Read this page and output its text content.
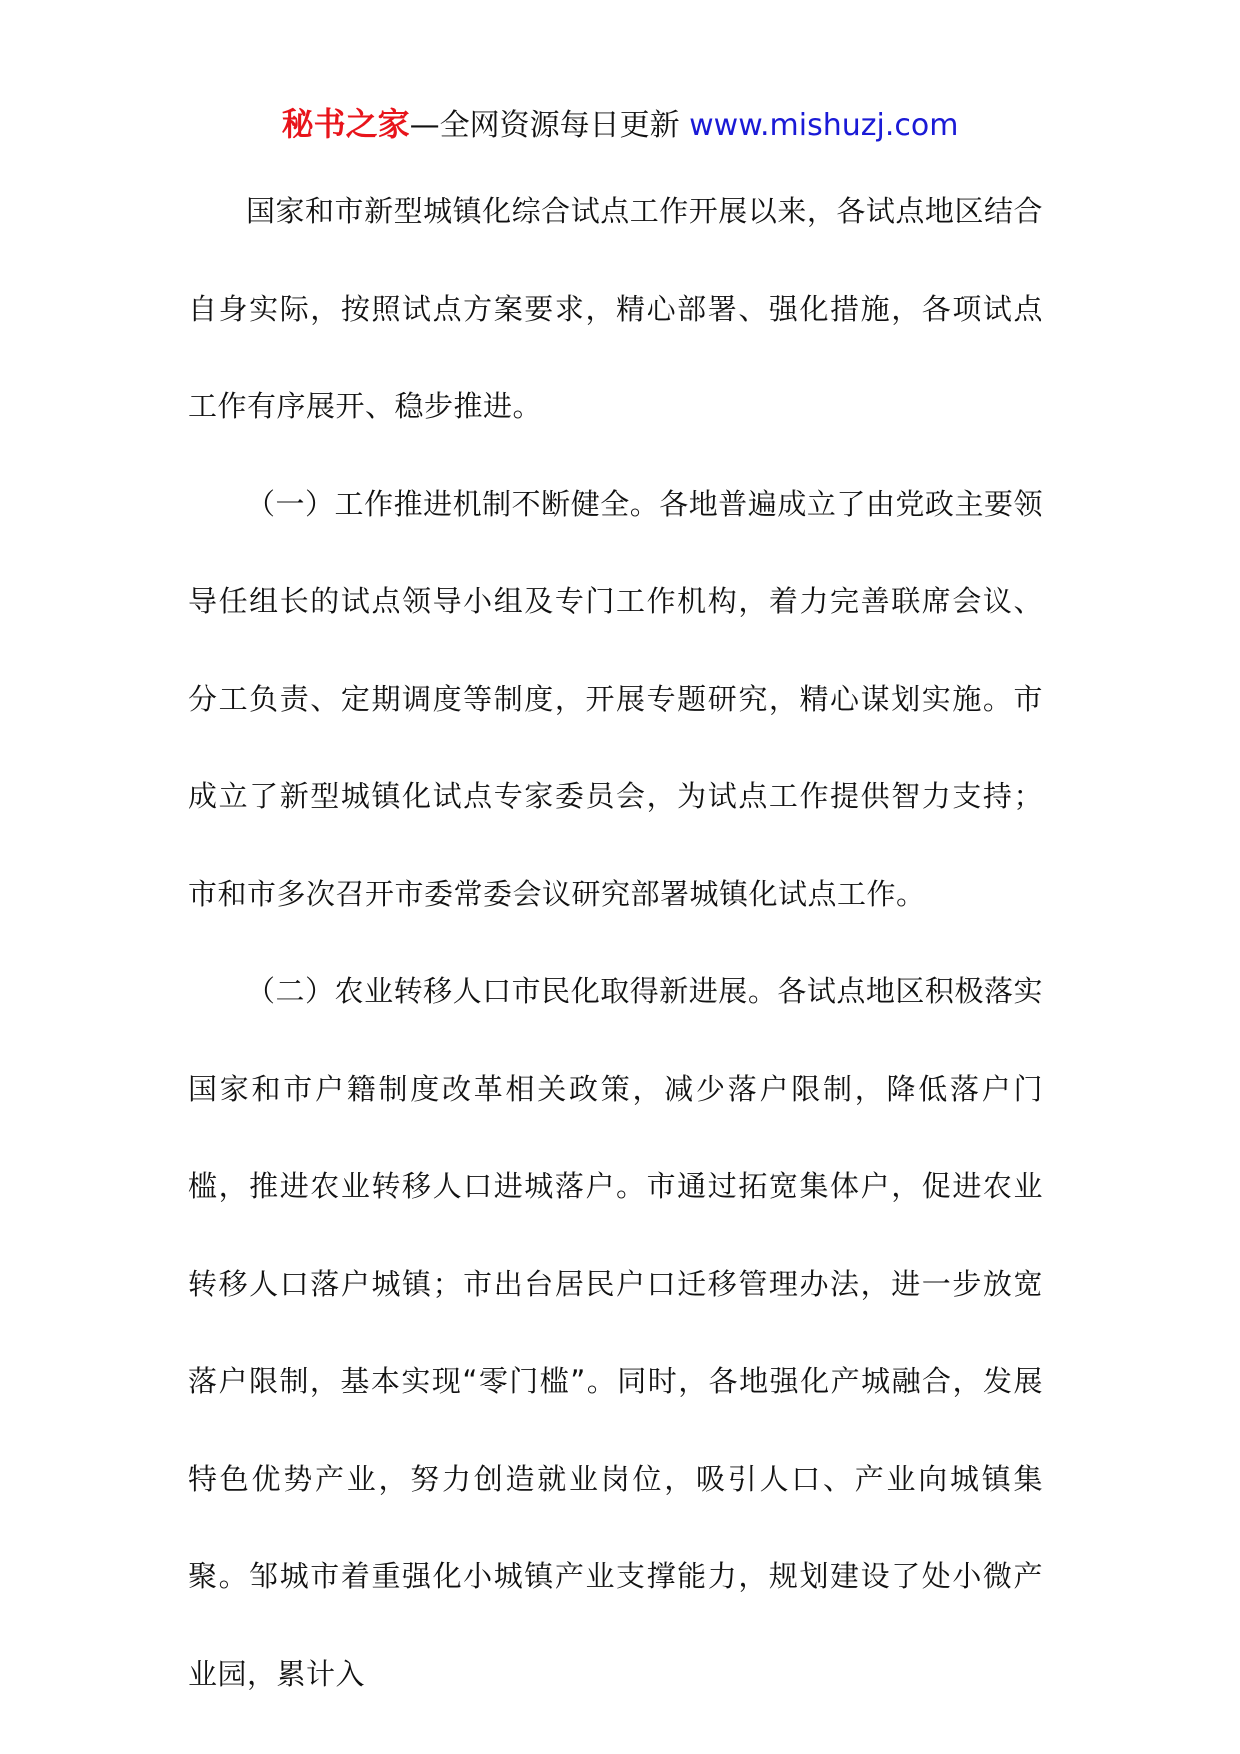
秘书之家—全网资源每日更新 www.mishuzj.com

国家和市新型城镇化综合试点工作开展以来，各试点地区结合自身实际，按照试点方案要求，精心部署、强化措施，各项试点工作有序展开、稳步推进。

（一）工作推进机制不断健全。各地普遍成立了由党政主要领导任组长的试点领导小组及专门工作机构，着力完善联席会议、分工负责、定期调度等制度，开展专题研究，精心谋划实施。市成立了新型城镇化试点专家委员会，为试点工作提供智力支持；市和市多次召开市委常委会议研究部署城镇化试点工作。

（二）农业转移人口市民化取得新进展。各试点地区积极落实国家和市户籍制度改革相关政策，减少落户限制，降低落户门槛，推进农业转移人口进城落户。市通过拓宽集体户，促进农业转移人口落户城镇；市出台居民户口迁移管理办法，进一步放宽落户限制，基本实现“零门槛”。同时，各地强化产城融合，发展特色优势产业，努力创造就业岗位，吸引人口、产业向城镇集聚。邹城市着重强化小城镇产业支撑能力，规划建设了处小微产业园，累计入
